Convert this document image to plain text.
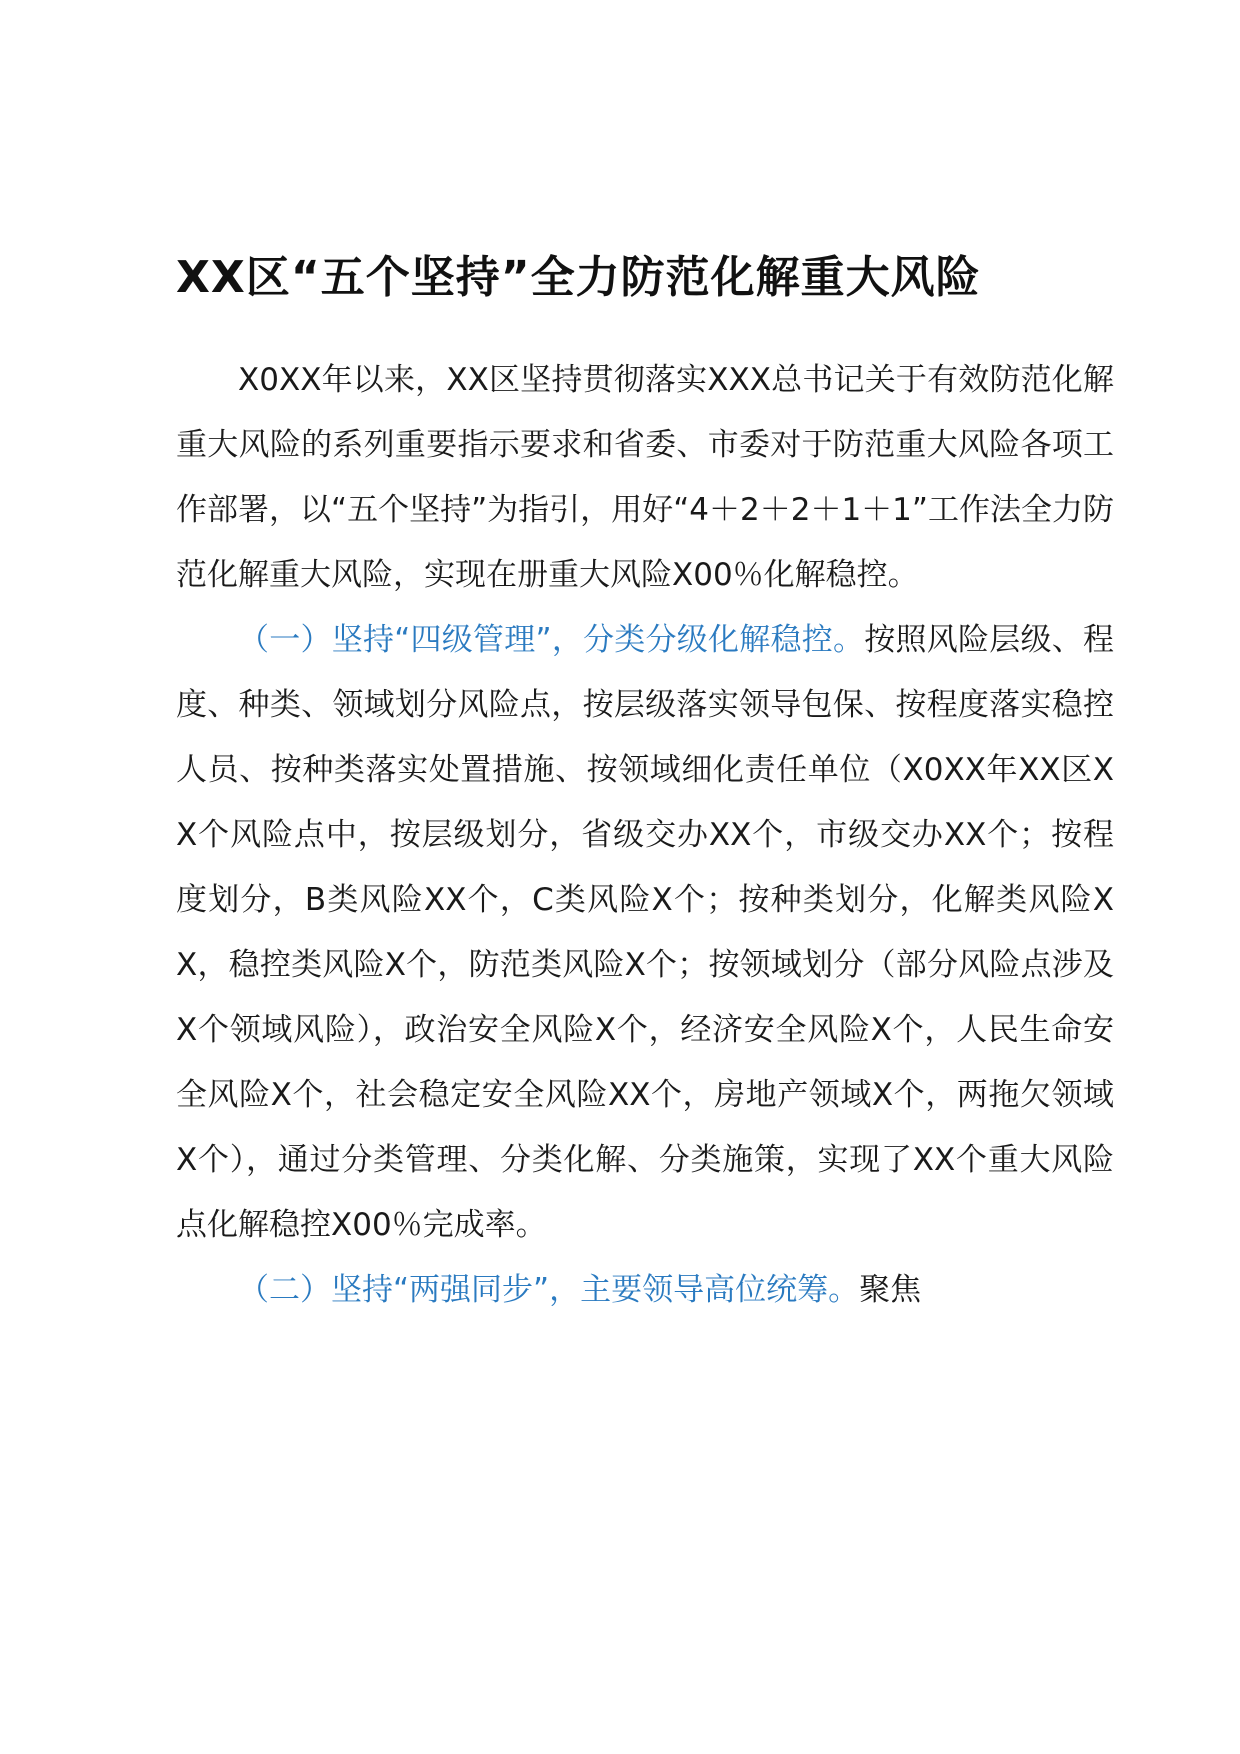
XX区“五个坚持”全力防范化解重大风险

X0XX年以来，XX区坚持贯彻落实XXX总书记关于有效防范化解重大风险的系列重要指示要求和省委、市委对于防范重大风险各项工作部署，以“五个坚持”为指引，用好“4＋2＋2＋1＋1”工作法全力防范化解重大风险，实现在册重大风险X00％化解稳控。

（一）坚持“四级管理”，分类分级化解稳控。按照风险层级、程度、种类、领域划分风险点，按层级落实领导包保、按程度落实稳控人员、按种类落实处置措施、按领域细化责任单位（X0XX年XX区XX个风险点中，按层级划分，省级交办XX个，市级交办XX个；按程度划分，B类风险XX个，C类风险X个；按种类划分，化解类风险XX，稳控类风险X个，防范类风险X个；按领域划分（部分风险点涉及X个领域风险），政治安全风险X个，经济安全风险X个，人民生命安全风险X个，社会稳定安全风险XX个，房地产领域X个，两拖欠领域X个），通过分类管理、分类化解、分类施策，实现了XX个重大风险点化解稳控X00％完成率。

（二）坚持“两强同步”，主要领导高位统筹。聚焦
